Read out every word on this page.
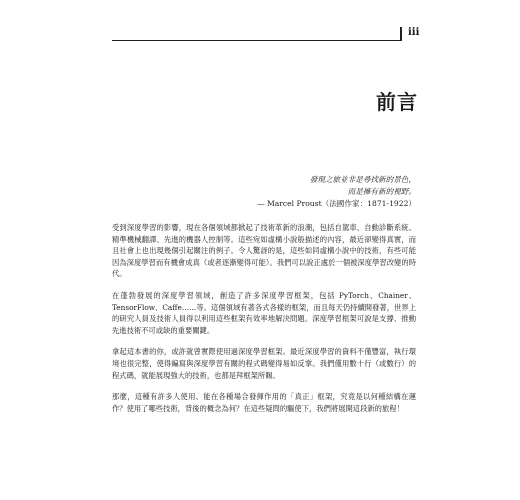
iii
前言
發現之旅並非是尋找新的景色，
而是擁有新的視野。
— Marcel Proust（法國作家：1871-1922）

受到深度學習的影響，現在各個領域都掀起了技術革新的浪潮，包括自駕車、自動診斷系統、精準機械翻譯、先進的機器人控制等。這些宛如虛構小說般描述的內容，最近卻變得真實，而且社會上也出現幾個引起關注的例子。令人驚訝的是，這些如同虛構小說中的技術，有些可能因為深度學習而有機會成真（或者逐漸變得可能）。我們可以說正處於一個被深度學習改變的時代。

在蓬勃發展的深度學習領域，創造了許多深度學習框架，包括 PyTorch、Chainer、TensorFlow、Caffe……等。這個領域有著各式各樣的框架，而且每天仍持續開發著，世界上的研究人員及技術人員得以利用這些框架有效率地解決問題。深度學習框架可說是支撐、推動先進技術不可或缺的重要關鍵。

拿起這本書的你，或許就曾實際使用過深度學習框架。最近深度學習的資料不僅豐富，執行環境也很完整，使得編寫與深度學習有關的程式碼變得易如反掌。我們僅用數十行（或數行）的程式碼，就能展現強大的技術，也都是拜框架所賜。

那麼，這種有許多人使用、能在各種場合發揮作用的「真正」框架，究竟是以何種結構在運作？使用了哪些技術，背後的概念為何？在這些疑問的驅使下，我們將展開這段新的旅程！
